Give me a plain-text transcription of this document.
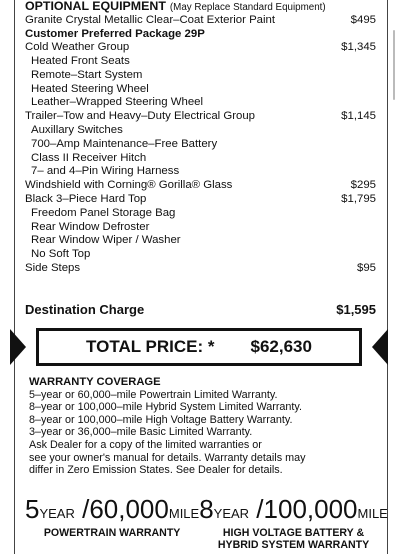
OPTIONAL EQUIPMENT (May Replace Standard Equipment)
Granite Crystal Metallic Clear–Coat Exterior Paint	$495
Customer Preferred Package 29P
Cold Weather Group	$1,345
Heated Front Seats
Remote–Start System
Heated Steering Wheel
Leather–Wrapped Steering Wheel
Trailer–Tow and Heavy–Duty Electrical Group	$1,145
Auxillary Switches
700–Amp Maintenance–Free Battery
Class II Receiver Hitch
7– and 4–Pin Wiring Harness
Windshield with Corning® Gorilla® Glass	$295
Black 3–Piece Hard Top	$1,795
Freedom Panel Storage Bag
Rear Window Defroster
Rear Window Wiper / Washer
No Soft Top
Side Steps	$95
Destination Charge	$1,595
TOTAL PRICE: * $62,630
WARRANTY COVERAGE
5–year or 60,000–mile Powertrain Limited Warranty.
8–year or 100,000–mile Hybrid System Limited Warranty.
8–year or 100,000–mile High Voltage Battery Warranty.
3–year or 36,000–mile Basic Limited Warranty.
Ask Dealer for a copy of the limited warranties or
see your owner's manual for details. Warranty details may
differ in Zero Emission States. See Dealer for details.
5YEAR /60,000MILE
POWERTRAIN WARRANTY
8YEAR /100,000MILE
HIGH VOLTAGE BATTERY &
HYBRID SYSTEM WARRANTY
